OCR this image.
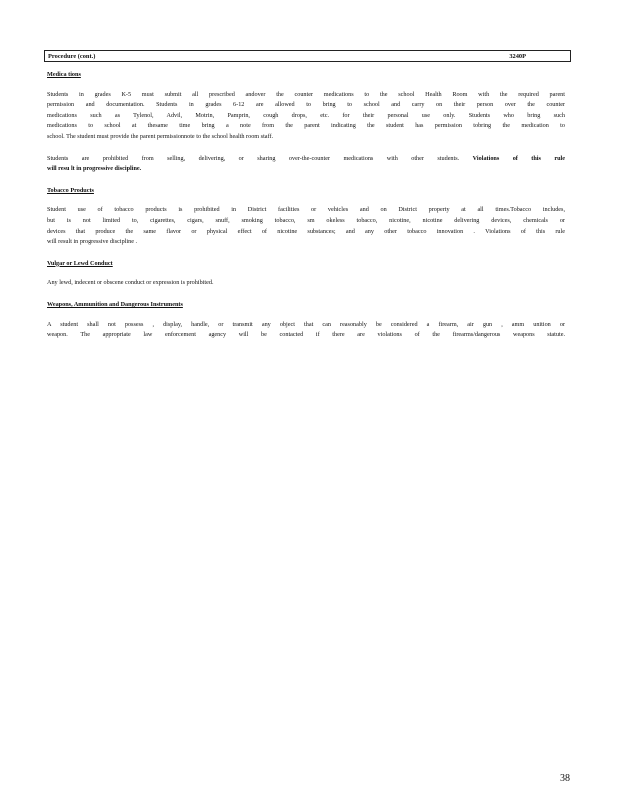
Procedure (cont.)	3240P
Medica tions

Students in grades K-5 must submit all prescribed andover the counter medications to the school Health Room with the required parent

permission and documentation. Students in grades 6-12 are allowed to bring to school and carry on their person over the counter

medications such as Tylenol, Advil, Motrin, Pamprin, cough drops, etc. for their personal use only. Students who bring such

medications to school at thesame time bring a note from the parent indicating the student has permission tobring the medication to

school. The student must provide the parent permissionnote to the school health room staff.

Students are prohibited from selling, delivering, or sharing over-the-counter medications with other students. Violations of this rule

will resu lt in progressive discipline.

Tobacco Products

Student use of tobacco products is prohibited in District facilities or vehicles and on District property at all times.Tobacco includes,

but is not limited to, cigarettes, cigars, snuff, smoking tobacco, sm okeless tobacco, nicotine, nicotine delivering devices, chemicals or

devices that produce the same flavor or physical effect of nicotine substances; and any other tobacco innovation . Violations of this rule

will result in progressive discipline .

Vulgar or Lewd Conduct

Any lewd, indecent or obscene conduct or expression is prohibited.

Weapons, Ammunition and Dangerous Instruments

A student shall not possess , display, handle, or transmit any object that can reasonably be considered a firearm, air gun , amm unition or

weapon. The appropriate law enforcement agency will be contacted if there are violations of the firearms/dangerous weapons statute.

38
